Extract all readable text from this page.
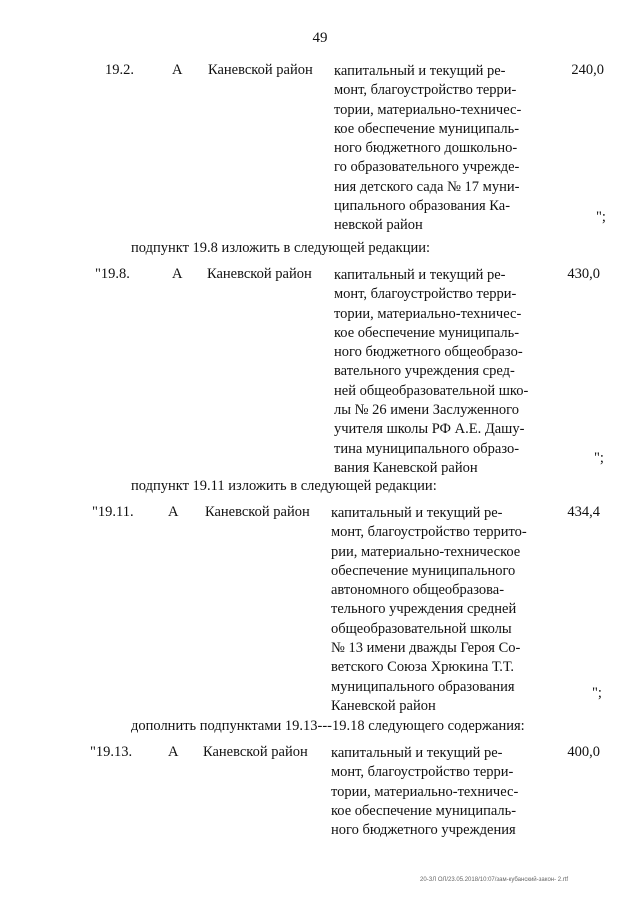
49
19.2.	А Каневской район капитальный и текущий ре-
монт, благоустройство терри-
тории, материально-техничес-
кое обеспечение муниципаль-
ного бюджетного дошкольно-
го образовательного учрежде-
ния детского сада № 17 муни-
ципального образования Ка-
невской район
240,0
";
подпункт 19.8 изложить в следующей редакции:
"19.8.	А Каневской район капитальный и текущий ре-
монт, благоустройство терри-
тории, материально-техничес-
кое обеспечение муниципаль-
ного бюджетного общеобразо-
вательного учреждения сред-
ней общеобразовательной шко-
лы № 26 имени Заслуженного
учителя школы РФ А.Е. Дашу-
тина муниципального образо-
вания Каневской район
430,0
";
подпункт 19.11 изложить в следующей редакции:
"19.11. А Каневской район капитальный и текущий ре-
монт, благоустройство террито-
рии, материально-техническое
обеспечение муниципального
автономного общеобразова-
тельного учреждения средней
общеобразовательной школы
№ 13 имени дважды Героя Со-
ветского Союза Хрюкина Т.Т.
муниципального образования
Каневской район
434,4
";
дополнить подпунктами 19.13---19.18 следующего содержания:
"19.13. А Каневской район капитальный и текущий ре-
монт, благоустройство терри-
тории, материально-техничес-
кое обеспечение муниципаль-
ного бюджетного учреждения
400,0
20-ЗЛ ОЛ/23.05.2018/10:07/зам-кубанский-закон- 2.rtf
